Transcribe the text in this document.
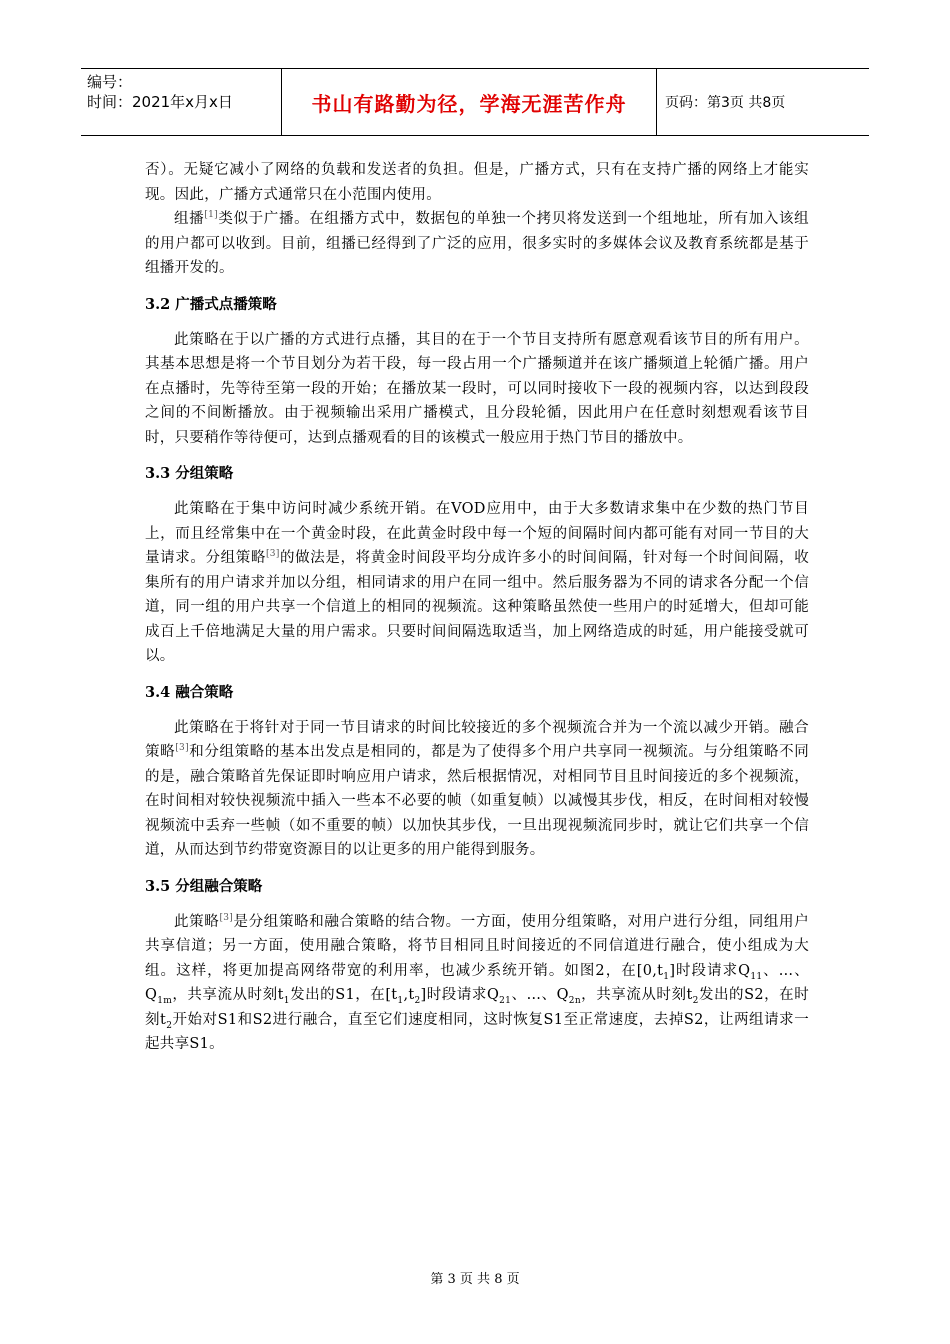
编号：
时间：2021年x月x日	书山有路勤为径，学海无涯苦作舟	页码：第3页 共8页

否）。无疑它减小了网络的负载和发送者的负担。但是，广播方式，只有在支持广播的网络上才能实现。因此，广播方式通常只在小范围内使用。

组播[1]类似于广播。在组播方式中，数据包的单独一个拷贝将发送到一个组地址，所有加入该组的用户都可以收到。目前，组播已经得到了广泛的应用，很多实时的多媒体会议及教育系统都是基于组播开发的。

3.2 广播式点播策略

此策略在于以广播的方式进行点播，其目的在于一个节目支持所有愿意观看该节目的所有用户。其基本思想是将一个节目划分为若干段，每一段占用一个广播频道并在该广播频道上轮循广播。用户在点播时，先等待至第一段的开始；在播放某一段时，可以同时接收下一段的视频内容，以达到段段之间的不间断播放。由于视频输出采用广播模式，且分段轮循，因此用户在任意时刻想观看该节目时，只要稍作等待便可，达到点播观看的目的该模式一般应用于热门节目的播放中。

3.3 分组策略

此策略在于集中访问时减少系统开销。在VOD应用中，由于大多数请求集中在少数的热门节目上，而且经常集中在一个黄金时段，在此黄金时段中每一个短的间隔时间内都可能有对同一节目的大量请求。分组策略[3]的做法是，将黄金时间段平均分成许多小的时间间隔，针对每一个时间间隔，收集所有的用户请求并加以分组，相同请求的用户在同一组中。然后服务器为不同的请求各分配一个信道，同一组的用户共享一个信道上的相同的视频流。这种策略虽然使一些用户的时延增大，但却可能成百上千倍地满足大量的用户需求。只要时间间隔选取适当，加上网络造成的时延，用户能接受就可以。

3.4 融合策略

此策略在于将针对于同一节目请求的时间比较接近的多个视频流合并为一个流以减少开销。融合策略[3]和分组策略的基本出发点是相同的，都是为了使得多个用户共享同一视频流。与分组策略不同的是，融合策略首先保证即时响应用户请求，然后根据情况，对相同节目且时间接近的多个视频流，在时间相对较快视频流中插入一些本不必要的帧（如重复帧）以减慢其步伐，相反，在时间相对较慢视频流中丢弃一些帧（如不重要的帧）以加快其步伐，一旦出现视频流同步时，就让它们共享一个信道，从而达到节约带宽资源目的以让更多的用户能得到服务。

3.5 分组融合策略

此策略[3]是分组策略和融合策略的结合物。一方面，使用分组策略，对用户进行分组，同组用户共享信道；另一方面，使用融合策略，将节目相同且时间接近的不同信道进行融合，使小组成为大组。这样，将更加提高网络带宽的利用率，也减少系统开销。如图2，在$[0,t_1]$时段请求$Q_{11}$、…、$Q_{1m}$，共享流从时刻$t_1$发出的S1，在$[t_1,t_2]$时段请求$Q_{21}$、…、$Q_{2n}$，共享流从时刻$t_2$发出的S2，在时刻$t_2$开始对S1和S2进行融合，直至它们速度相同，这时恢复S1至正常速度，去掉S2，让两组请求一起共享S1。

第 3 页 共 8 页
